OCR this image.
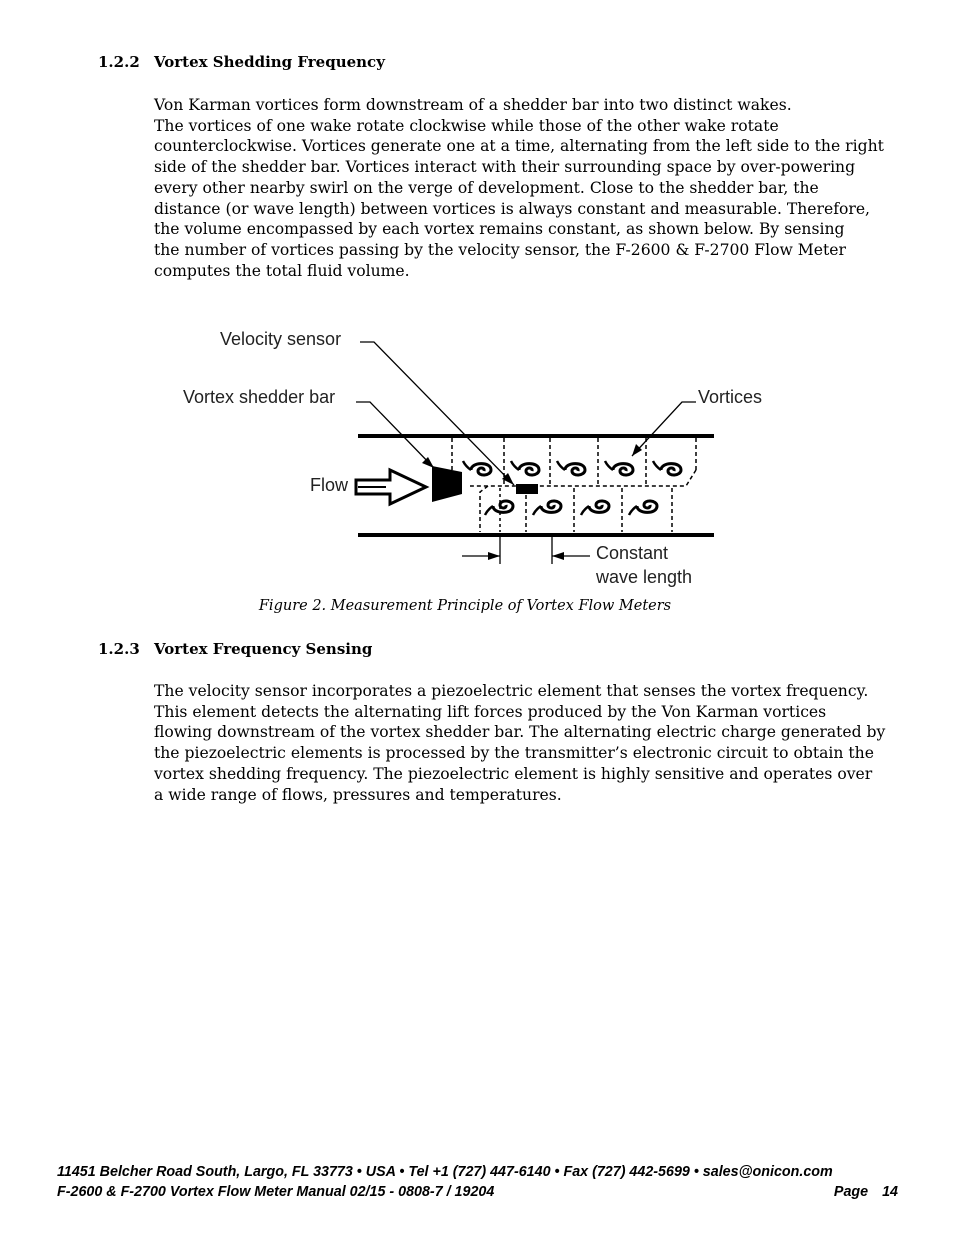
1.2.2 Vortex Shedding Frequency
Von Karman vortices form downstream of a shedder bar into two distinct wakes.
The vortices of one wake rotate clockwise while those of the other wake rotate
counterclockwise. Vortices generate one at a time, alternating from the left side to the right
side of the shedder bar. Vortices interact with their surrounding space by over-powering
every other nearby swirl on the verge of development. Close to the shedder bar, the
distance (or wave length) between vortices is always constant and measurable. Therefore,
the volume encompassed by each vortex remains constant, as shown below. By sensing
the number of vortices passing by the velocity sensor, the F-2600 & F-2700 Flow Meter
computes the total fluid volume.
Velocity sensor
Vortex shedder bar	Vortices
Flow
Constant
wave length
Figure 2. Measurement Principle of Vortex Flow Meters
1.2.3 Vortex Frequency Sensing
The velocity sensor incorporates a piezoelectric element that senses the vortex frequency.
This element detects the alternating lift forces produced by the Von Karman vortices
flowing downstream of the vortex shedder bar. The alternating electric charge generated by
the piezoelectric elements is processed by the transmitter’s electronic circuit to obtain the
vortex shedding frequency. The piezoelectric element is highly sensitive and operates over
a wide range of flows, pressures and temperatures.
11451 Belcher Road South, Largo, FL 33773 • USA • Tel +1 (727) 447-6140 • Fax (727) 442-5699 • sales@onicon.com
F-2600 & F-2700 Vortex Flow Meter Manual 02/15 - 0808-7 / 19204	Page 14
